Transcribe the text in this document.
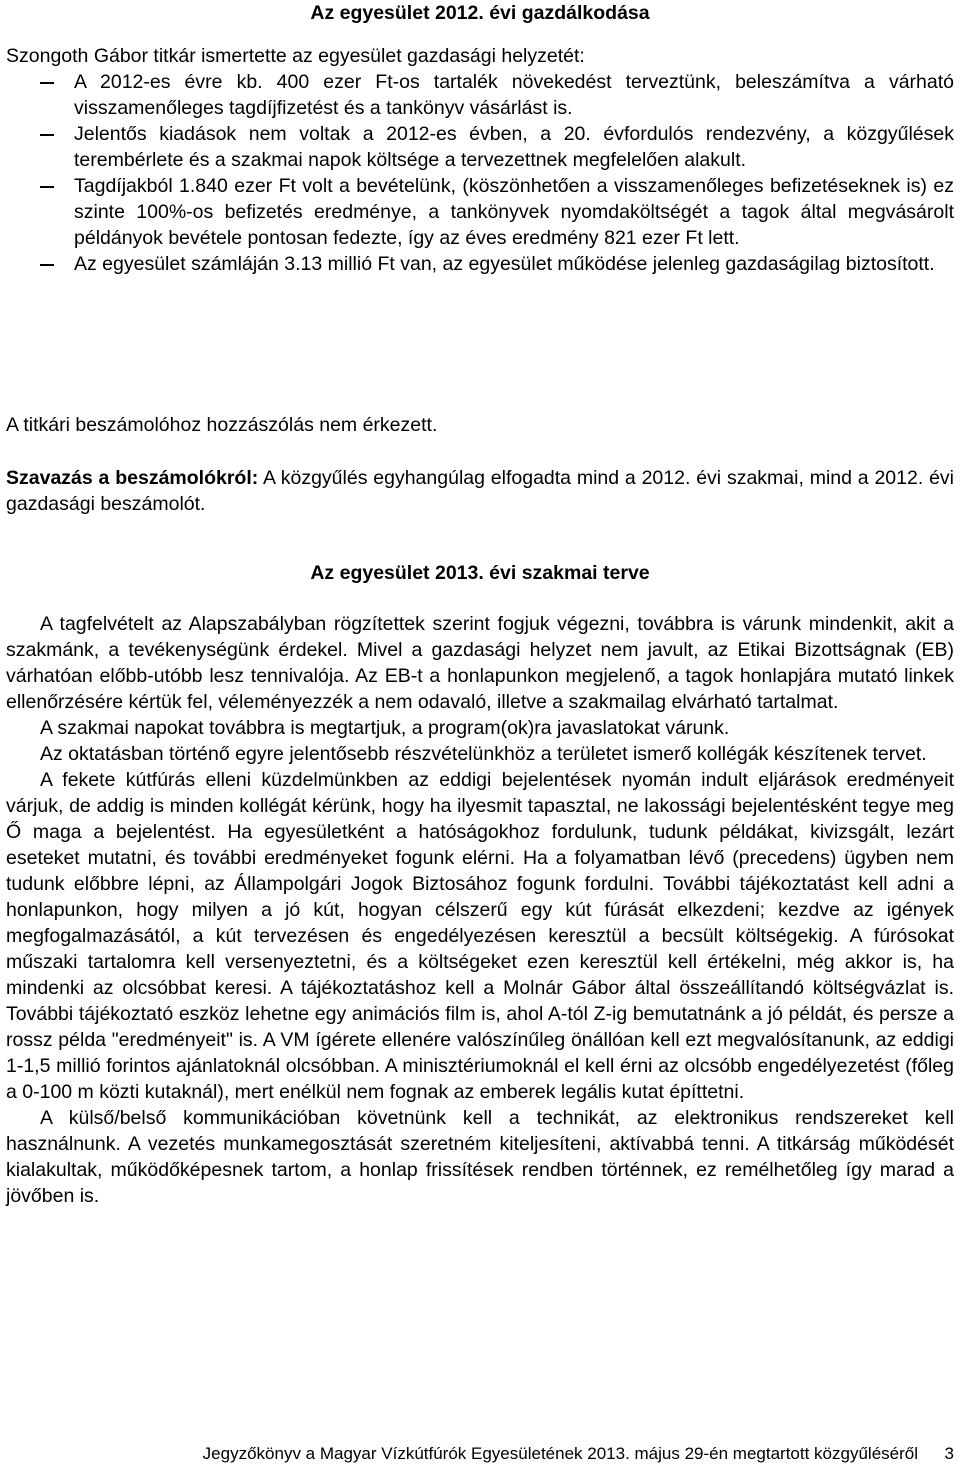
Az egyesület 2012. évi gazdálkodása
Szongoth Gábor titkár ismertette az egyesület gazdasági helyzetét:
A 2012-es évre kb. 400 ezer Ft-os tartalék növekedést terveztünk, beleszámítva a várható visszamenőleges tagdíjfizetést és a tankönyv vásárlást is.
Jelentős kiadások nem voltak a 2012-es évben, a 20. évfordulós rendezvény, a közgyűlések terembérlete és a szakmai napok költsége a tervezettnek megfelelően alakult.
Tagdíjakból 1.840 ezer Ft volt a bevételünk, (köszönhetően a visszamenőleges befizetéseknek is) ez szinte 100%-os befizetés eredménye, a tankönyvek nyomdaköltségét a tagok által megvásárolt példányok bevétele pontosan fedezte, így az éves eredmény 821 ezer Ft lett.
Az egyesület számláján 3.13 millió Ft van, az egyesület működése jelenleg gazdaságilag biztosított.
A titkári beszámolóhoz hozzászólás nem érkezett.
Szavazás a beszámolókról: A közgyűlés egyhangúlag elfogadta mind a 2012. évi szakmai, mind a 2012. évi gazdasági beszámolót.
Az egyesület 2013. évi szakmai terve

A tagfelvételt az Alapszabályban rögzítettek szerint fogjuk végezni, továbbra is várunk mindenkit, akit a szakmánk, a tevékenységünk érdekel. Mivel a gazdasági helyzet nem javult, az Etikai Bizottságnak (EB) várhatóan előbb-utóbb lesz tennivalója. Az EB-t a honlapunkon megjelenő, a tagok honlapjára mutató linkek ellenőrzésére kértük fel, véleményezzék a nem odavaló, illetve a szakmailag elvárható tartalmat.

A szakmai napokat továbbra is megtartjuk, a program(ok)ra javaslatokat várunk.

Az oktatásban történő egyre jelentősebb részvételünkhöz a területet ismerő kollégák készítenek tervet.

A fekete kútfúrás elleni küzdelmünkben az eddigi bejelentések nyomán indult eljárások eredményeit várjuk, de addig is minden kollégát kérünk, hogy ha ilyesmit tapasztal, ne lakossági bejelentésként tegye meg Ő maga a bejelentést. Ha egyesületként a hatóságokhoz fordulunk, tudunk példákat, kivizsgált, lezárt eseteket mutatni, és további eredményeket fogunk elérni. Ha a folyamatban lévő (precedens) ügyben nem tudunk előbbre lépni, az Állampolgári Jogok Biztosához fogunk fordulni. További tájékoztatást kell adni a honlapunkon, hogy milyen a jó kút, hogyan célszerű egy kút fúrását elkezdeni; kezdve az igények megfogalmazásától, a kút tervezésen és engedélyezésen keresztül a becsült költségekig. A fúrósokat műszaki tartalomra kell versenyeztetni, és a költségeket ezen keresztül kell értékelni, még akkor is, ha mindenki az olcsóbbat keresi. A tájékoztatáshoz kell a Molnár Gábor által összeállítandó költségvázlat is. További tájékoztató eszköz lehetne egy animációs film is, ahol A-tól Z-ig bemutatnánk a jó példát, és persze a rossz példa "eredményeit" is. A VM ígérete ellenére valószínűleg önállóan kell ezt megvalósítanunk, az eddigi 1-1,5 millió forintos ajánlatoknál olcsóbban. A minisztériumoknál el kell érni az olcsóbb engedélyezetést (főleg a 0-100 m közti kutaknál), mert enélkül nem fognak az emberek legális kutat építtetni.

A külső/belső kommunikációban követnünk kell a technikát, az elektronikus rendszereket kell használnunk. A vezetés munkamegosztását szeretném kiteljesíteni, aktívabbá tenni. A titkárság működését kialakultak, működőképesnek tartom, a honlap frissítések rendben történnek, ez remélhetőleg így marad a jövőben is.

Jegyzőkönyv a Magyar Vízkútfúrók Egyesületének 2013. május 29-én megtartott közgyűléséről 3
